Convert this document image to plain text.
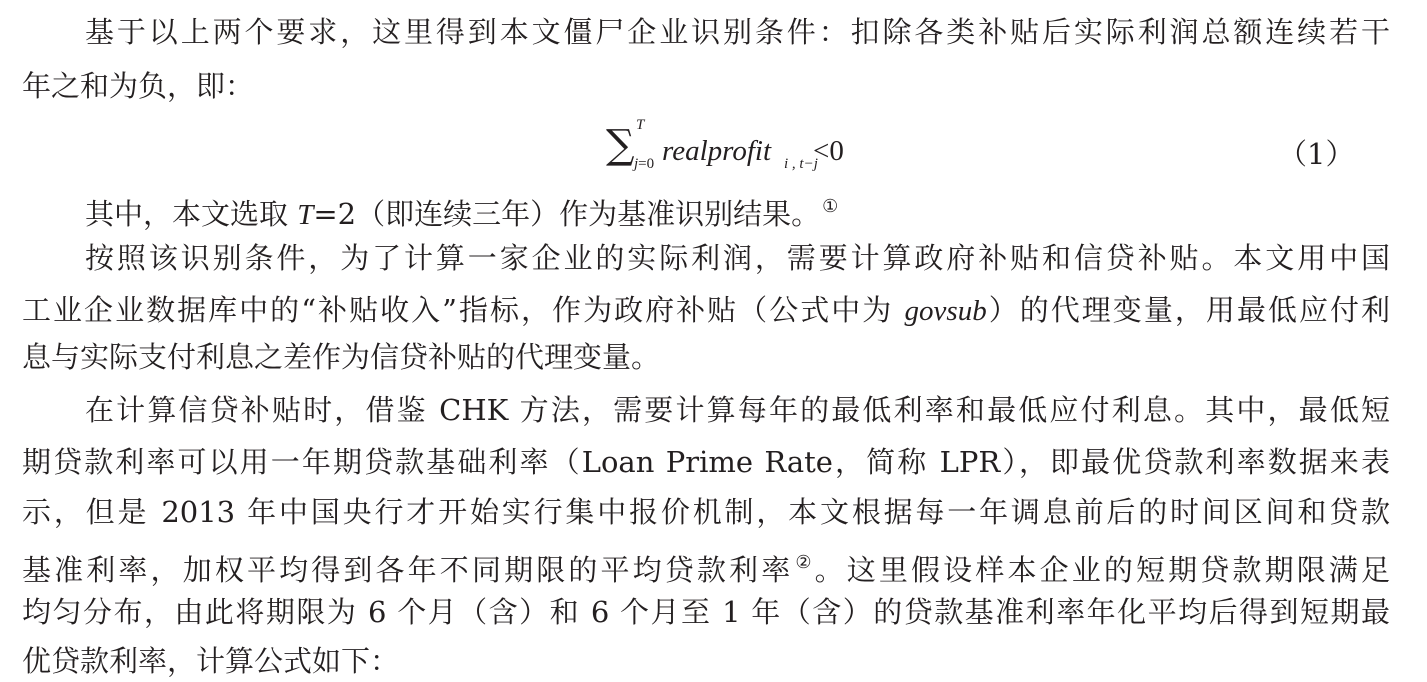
基于以上两个要求，这里得到本文僵尸企业识别条件：扣除各类补贴后实际利润总额连续若干
年之和为负，即：
∑ T
j=0 realprofit i , t−j
<0	（1）
其中，本文选取 T=2（即连续三年）作为基准识别结果。 ①
按照该识别条件，为了计算一家企业的实际利润，需要计算政府补贴和信贷补贴。本文用中国
工业企业数据库中的“补贴收入”指标，作为政府补贴（公式中为 govsub）的代理变量，用最低应付利
息与实际支付利息之差作为信贷补贴的代理变量。
在计算信贷补贴时，借鉴 CHK 方法，需要计算每年的最低利率和最低应付利息。其中，最低短
期贷款利率可以用一年期贷款基础利率（Loan Prime Rate，简称 LPR），即最优贷款利率数据来表
示，但是 2013 年中国央行才开始实行集中报价机制，本文根据每一年调息前后的时间区间和贷款
基准利率，加权平均得到各年不同期限的平均贷款利率 ②。这里假设样本企业的短期贷款期限满足
均匀分布，由此将期限为 6 个月（含）和 6 个月至 1 年（含）的贷款基准利率年化平均后得到短期最
优贷款利率，计算公式如下：
